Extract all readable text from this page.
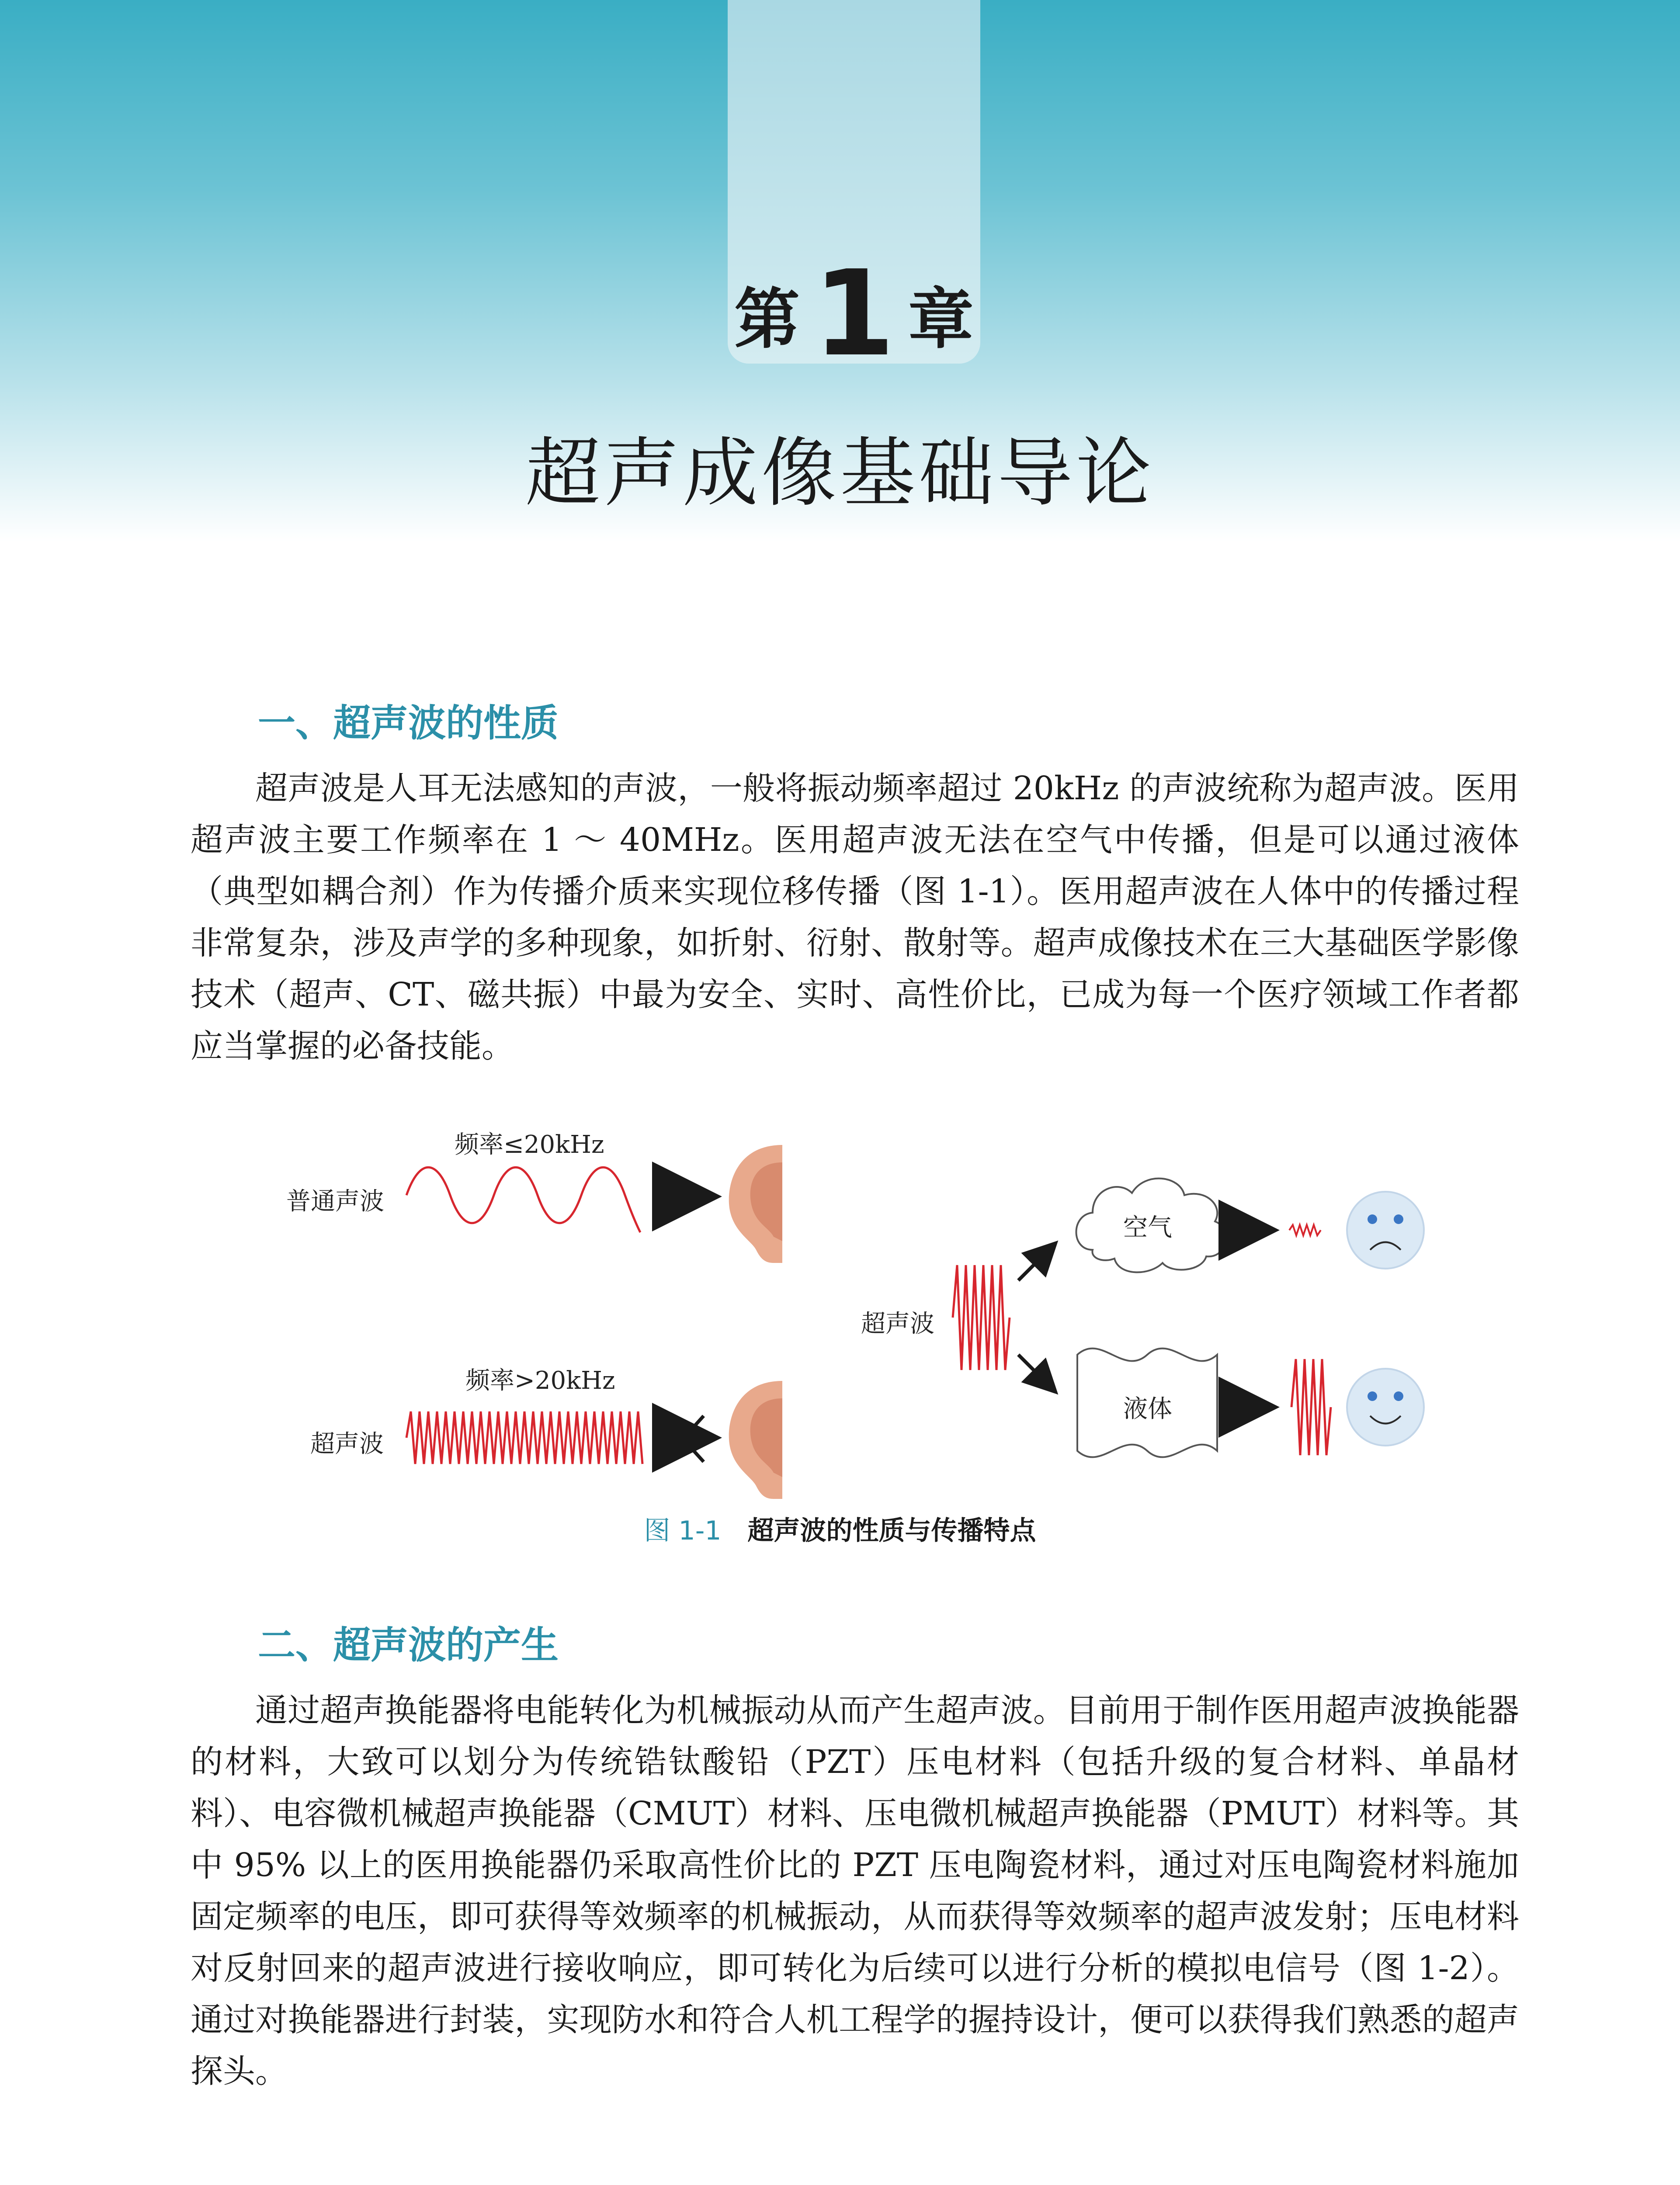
第 1 章
超声成像基础导论
一、超声波的性质

超声波是人耳无法感知的声波，一般将振动频率超过 20kHz 的声波统称为超声波。医用超声波主要工作频率在 1 ～ 40MHz。医用超声波无法在空气中传播，但是可以通过液体（典型如耦合剂）作为传播介质来实现位移传播（图 1-1）。医用超声波在人体中的传播过程非常复杂，涉及声学的多种现象，如折射、衍射、散射等。超声成像技术在三大基础医学影像技术（超声、CT、磁共振）中最为安全、实时、高性价比，已成为每一个医疗领域工作者都应当掌握的必备技能。

频率≤20kHz
普通声波
频率>20kHz
超声波
超声波
空气
液体
图 1-1 超声波的性质与传播特点
二、超声波的产生

通过超声换能器将电能转化为机械振动从而产生超声波。目前用于制作医用超声波换能器的材料，大致可以划分为传统锆钛酸铅（PZT）压电材料（包括升级的复合材料、单晶材料）、电容微机械超声换能器（CMUT）材料、压电微机械超声换能器（PMUT）材料等。其中 95% 以上的医用换能器仍采取高性价比的 PZT 压电陶瓷材料，通过对压电陶瓷材料施加固定频率的电压，即可获得等效频率的机械振动，从而获得等效频率的超声波发射；压电材料对反射回来的超声波进行接收响应，即可转化为后续可以进行分析的模拟电信号（图 1-2）。通过对换能器进行封装，实现防水和符合人机工程学的握持设计，便可以获得我们熟悉的超声探头。
